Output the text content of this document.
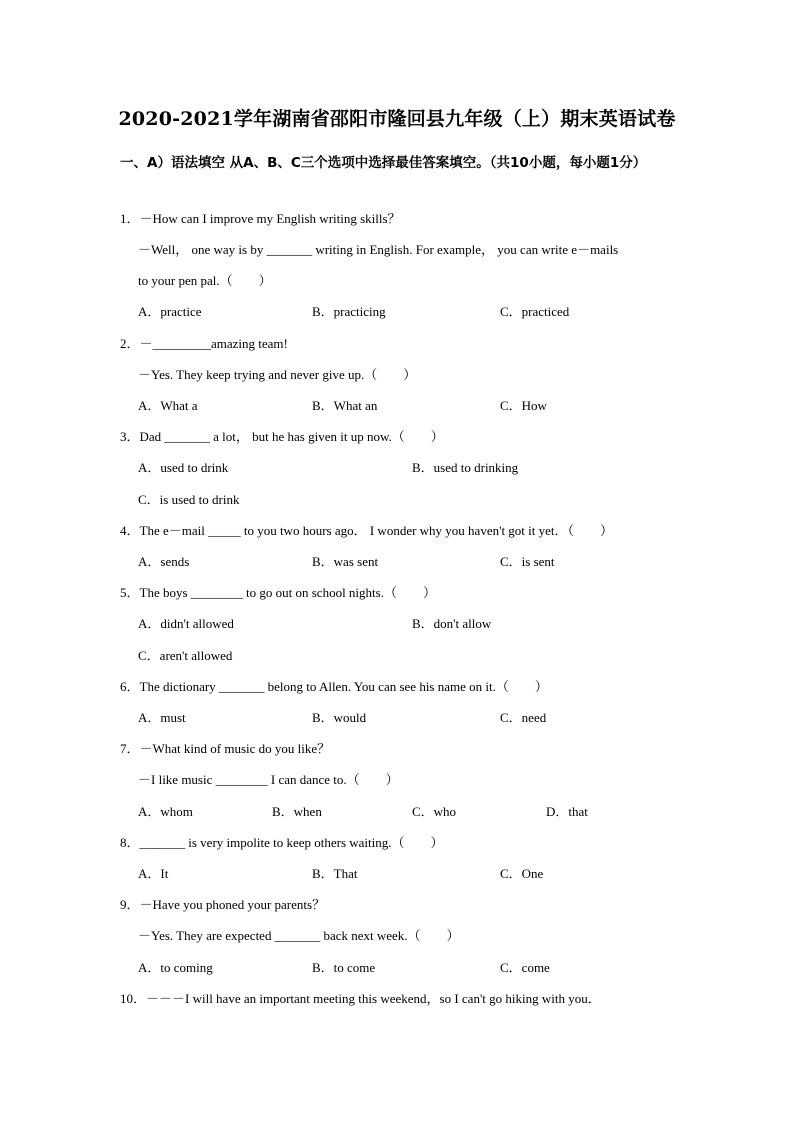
2020-2021学年湖南省邵阳市隆回县九年级（上）期末英语试卷
一、A）语法填空 从A、B、C三个选项中选择最佳答案填空。（共10小题，每小题1分）
1．－How can I improve my English writing skills？
－Well， one way is by _______ writing in English. For example， you can write e－mails
to your pen pal.（　　）
A．practice	B．practicing	C．practiced
2．－_________amazing team!
－Yes. They keep trying and never give up.（　　）
A．What a	B．What an	C．How
3．Dad _______ a lot， but he has given it up now.（　　）
A．used to drink	B．used to drinking
C．is used to drink
4．The e－mail _____ to you two hours ago． I wonder why you haven't got it yet．（　　）
A．sends	B．was sent	C．is sent
5．The boys ________ to go out on school nights.（　　）
A．didn't allowed	B．don't allow
C．aren't allowed
6．The dictionary _______ belong to Allen. You can see his name on it.（　　）
A．must	B．would	C．need
7．－What kind of music do you like？
－I like music ________ I can dance to.（　　）
A．whom	B．when	C．who	D．that
8．_______ is very impolite to keep others waiting.（　　）
A．It	B．That	C．One
9．－Have you phoned your parents？
－Yes. They are expected _______ back next week.（　　）
A．to coming	B．to come	C．come
10．－－－I will have an important meeting this weekend，so I can't go hiking with you．
